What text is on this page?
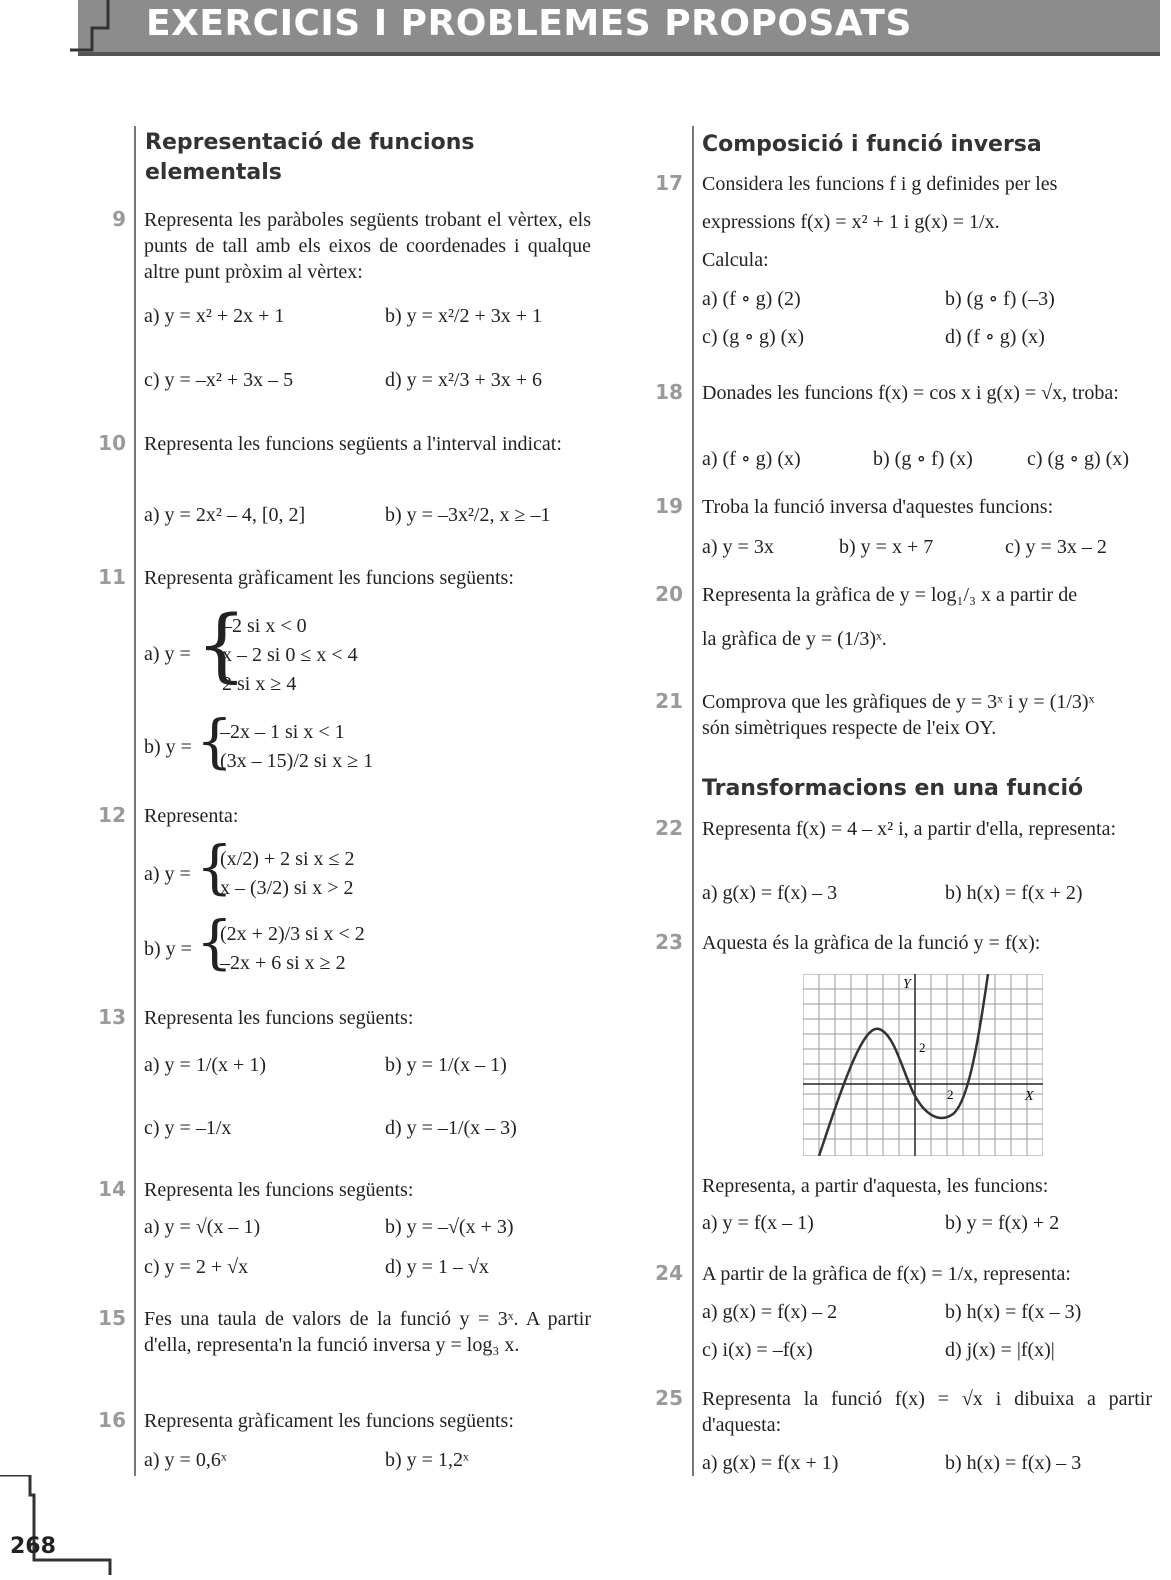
EXERCICIS I PROBLEMES PROPOSATS
Representació de funcions elementals
9 Representa les paràboles següents trobant el vèrtex, els punts de tall amb els eixos de coordenades i qualque altre punt pròxim al vèrtex:
a) y = x² + 2x + 1	b) y = x²/2 + 3x + 1
c) y = –x² + 3x – 5	d) y = x²/3 + 3x + 6
10 Representa les funcions següents a l'interval indicat:
a) y = 2x² – 4, [0, 2]	b) y = –3x²/2, x ≥ –1
11 Representa gràficament les funcions següents:
a) y = {
–2 si x < 0
x – 2 si 0 ≤ x < 4
2 si x ≥ 4
b) y = {
–2x – 1 si x < 1
(3x – 15)/2 si x ≥ 1
12 Representa:
a) y = {
(x/2) + 2 si x ≤ 2
x – (3/2) si x > 2
b) y = {
(2x + 2)/3 si x < 2
–2x + 6 si x ≥ 2
13 Representa les funcions següents:
a) y = 1/(x + 1)	b) y = 1/(x – 1)
c) y = –1/x	d) y = –1/(x – 3)
14 Representa les funcions següents:
a) y = √(x – 1)	b) y = –√(x + 3)
c) y = 2 + √x	d) y = 1 – √x
15 Fes una taula de valors de la funció y = 3ˣ. A partir d'ella, representa'n la funció inversa y = log₃ x.
16 Representa gràficament les funcions següents:
a) y = 0,6ˣ	b) y = 1,2ˣ
Composició i funció inversa
17 Considera les funcions f i g definides per les
expressions f(x) = x² + 1 i g(x) = 1/x.
Calcula:
a) (f ∘ g) (2)	b) (g ∘ f) (–3)
c) (g ∘ g) (x)	d) (f ∘ g) (x)
18 Donades les funcions f(x) = cos x i g(x) = √x, troba:
a) (f ∘ g) (x)	b) (g ∘ f) (x)	c) (g ∘ g) (x)
19 Troba la funció inversa d'aquestes funcions:
a) y = 3x	b) y = x + 7	c) y = 3x – 2
20 Representa la gràfica de y = log₁/₃ x a partir de
la gràfica de y = (1/3)ˣ.
21 Comprova que les gràfiques de y = 3ˣ i y = (1/3)ˣ
són simètriques respecte de l'eix OY.
Transformacions en una funció
22 Representa f(x) = 4 – x² i, a partir d'ella, representa:
a) g(x) = f(x) – 3	b) h(x) = f(x + 2)
23 Aquesta és la gràfica de la funció y = f(x):
Y
X
2
2
Representa, a partir d'aquesta, les funcions:
a) y = f(x – 1)	b) y = f(x) + 2
24 A partir de la gràfica de f(x) = 1/x, representa:
a) g(x) = f(x) – 2	b) h(x) = f(x – 3)
c) i(x) = –f(x)	d) j(x) = |f(x)|
25 Representa la funció f(x) = √x i dibuixa a partir d'aquesta:
a) g(x) = f(x + 1)	b) h(x) = f(x) – 3
268
